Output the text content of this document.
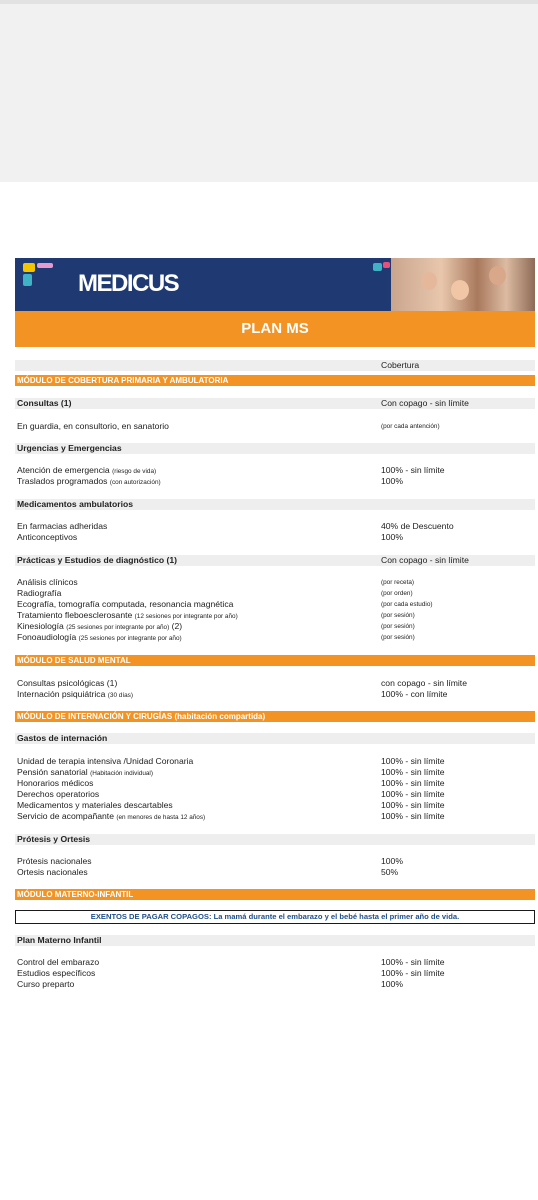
MEDICUS
PLAN MS
Cobertura
MÓDULO DE COBERTURA PRIMARIA Y AMBULATORIA
Consultas (1)	Con copago - sin límite
En guardia, en consultorio, en sanatorio	(por cada antención)
Urgencias y Emergencias
Atención de emergencia (riesgo de vida)	100% - sin límite
Traslados programados (con autorización)	100%
Medicamentos ambulatorios
En farmacias adheridas	40% de Descuento
Anticonceptivos	100%
Prácticas y Estudios de diagnóstico (1)	Con copago - sin límite
Análisis clínicos	(por receta)
Radiografía	(por orden)
Ecografía, tomografía computada, resonancia magnética	(por cada estudio)
Tratamiento fleboesclerosante (12 sesiones por integrante por año)	(por sesión)
Kinesiología (25 sesiones por integrante por año) (2)	(por sesión)
Fonoaudiología (25 sesiones por integrante por año)	(por sesión)
MÓDULO DE SALUD MENTAL
Consultas psicológicas (1)	con copago - sin límite
Internación psiquiátrica (30 días)	100% - con límite
MÓDULO DE INTERNACIÓN Y CIRUGÍAS (habitación compartida)
Gastos de internación
Unidad de terapia intensiva /Unidad Coronaria	100% - sin límite
Pensión sanatorial (Habitación individual)	100% - sin límite
Honorarios médicos	100% - sin límite
Derechos operatorios	100% - sin límite
Medicamentos y materiales descartables	100% - sin límite
Servicio de acompañante (en menores de hasta 12 años)	100% - sin límite
Prótesis y Ortesis
Prótesis nacionales	100%
Ortesis nacionales	50%
MÓDULO MATERNO-INFANTIL
EXENTOS DE PAGAR COPAGOS: La mamá durante el embarazo y el bebé hasta el primer año de vida.
Plan Materno Infantil
Control del embarazo	100% - sin límite
Estudios específicos	100% - sin límite
Curso preparto	100%
